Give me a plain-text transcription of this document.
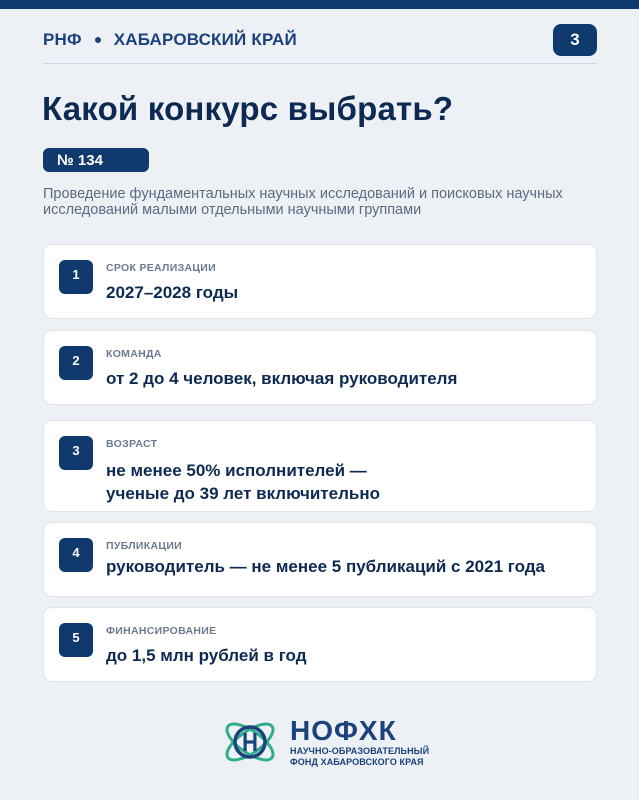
РНФ ХАБАРОВСКИЙ КРАЙ	3
Какой конкурс выбрать?
№ 134

Проведение фундаментальных научных исследований и поисковых научных исследований малыми отдельными научными группами

1	СРОК РЕАЛИЗАЦИИ
2027–2028 годы
2	КОМАНДА
от 2 до 4 человек, включая руководителя
3	ВОЗРАСТ
не менее 50% исполнителей — ученые до 39 лет включительно
4	ПУБЛИКАЦИИ
руководитель — не менее 5 публикаций с 2021 года
5	ФИНАНСИРОВАНИЕ
до 1,5 млн рублей в год
НОФХК
НАУЧНО-ОБРАЗОВАТЕЛЬНЫЙ
ФОНД ХАБАРОВСКОГО КРАЯ
